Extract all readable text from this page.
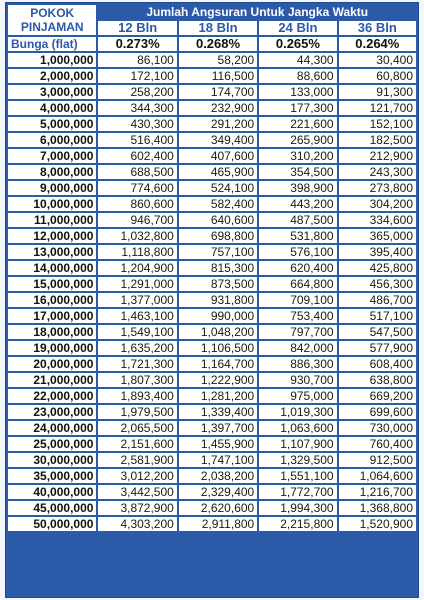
POKOK
PINJAMAN	Jumlah Angsuran Untuk Jangka Waktu			
	12 Bln	18 Bln	24 Bln	36 Bln
Bunga (flat)	0.273%	0.268%	0.265%	0.264%
1,000,000	86,100	58,200	44,300	30,400
2,000,000	172,100	116,500	88,600	60,800
3,000,000	258,200	174,700	133,000	91,300
4,000,000	344,300	232,900	177,300	121,700
5,000,000	430,300	291,200	221,600	152,100
6,000,000	516,400	349,400	265,900	182,500
7,000,000	602,400	407,600	310,200	212,900
8,000,000	688,500	465,900	354,500	243,300
9,000,000	774,600	524,100	398,900	273,800
10,000,000	860,600	582,400	443,200	304,200
11,000,000	946,700	640,600	487,500	334,600
12,000,000	1,032,800	698,800	531,800	365,000
13,000,000	1,118,800	757,100	576,100	395,400
14,000,000	1,204,900	815,300	620,400	425,800
15,000,000	1,291,000	873,500	664,800	456,300
16,000,000	1,377,000	931,800	709,100	486,700
17,000,000	1,463,100	990,000	753,400	517,100
18,000,000	1,549,100	1,048,200	797,700	547,500
19,000,000	1,635,200	1,106,500	842,000	577,900
20,000,000	1,721,300	1,164,700	886,300	608,400
21,000,000	1,807,300	1,222,900	930,700	638,800
22,000,000	1,893,400	1,281,200	975,000	669,200
23,000,000	1,979,500	1,339,400	1,019,300	699,600
24,000,000	2,065,500	1,397,700	1,063,600	730,000
25,000,000	2,151,600	1,455,900	1,107,900	760,400
30,000,000	2,581,900	1,747,100	1,329,500	912,500
35,000,000	3,012,200	2,038,200	1,551,100	1,064,600
40,000,000	3,442,500	2,329,400	1,772,700	1,216,700
45,000,000	3,872,900	2,620,600	1,994,300	1,368,800
50,000,000	4,303,200	2,911,800	2,215,800	1,520,900
